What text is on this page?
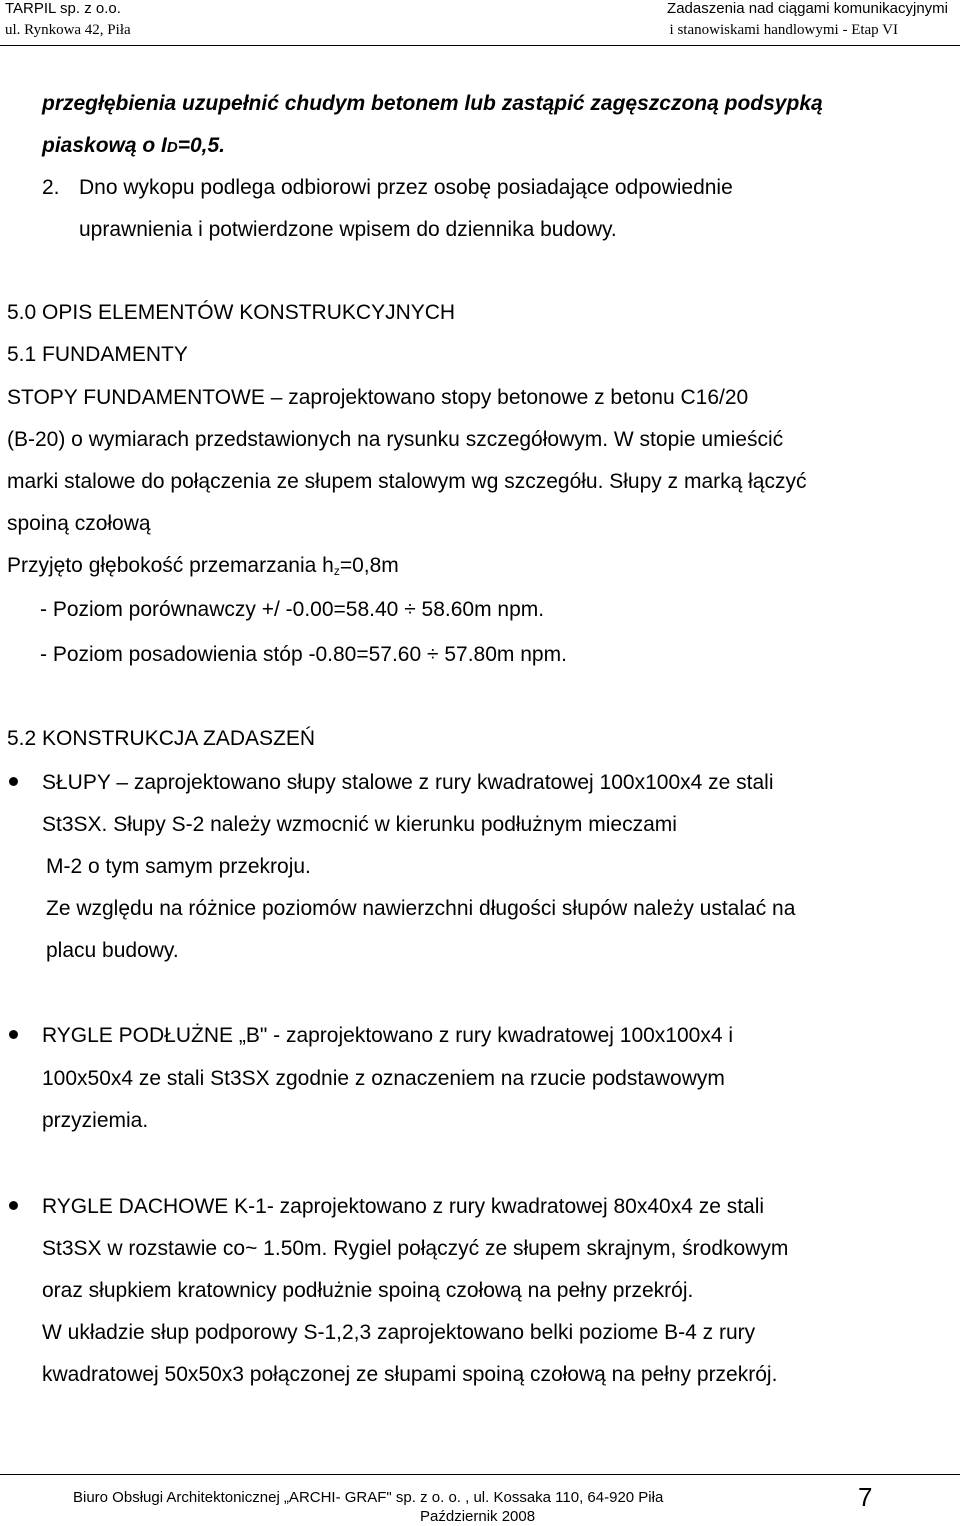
TARPIL sp. z o.o.
ul. Rynkowa 42, Piła
Zadaszenia nad ciągami komunikacyjnymi
i stanowiskami handlowymi - Etap VI
przegłębienia uzupełnić chudym betonem lub zastąpić zagęszczoną podsypką
piaskową o ID=0,5.
2. Dno wykopu podlega odbiorowi przez osobę posiadające odpowiednie
uprawnienia i potwierdzone wpisem do dziennika budowy.
5.0 OPIS ELEMENTÓW KONSTRUKCYJNYCH
5.1 FUNDAMENTY
STOPY FUNDAMENTOWE – zaprojektowano stopy betonowe z betonu C16/20
(B-20) o wymiarach przedstawionych na rysunku szczegółowym. W stopie umieścić
marki stalowe do połączenia ze słupem stalowym wg szczegółu. Słupy z marką łączyć
spoiną czołową
Przyjęto głębokość przemarzania hz=0,8m
- Poziom porównawczy +/ -0.00=58.40 ÷ 58.60m npm.
- Poziom posadowienia stóp -0.80=57.60 ÷ 57.80m npm.
5.2 KONSTRUKCJA ZADASZEŃ
SŁUPY – zaprojektowano słupy stalowe z rury kwadratowej 100x100x4 ze stali
St3SX. Słupy S-2 należy wzmocnić w kierunku podłużnym mieczami
M-2 o tym samym przekroju.
Ze względu na różnice poziomów nawierzchni długości słupów należy ustalać na
placu budowy.
RYGLE PODŁUŻNE „B" - zaprojektowano z rury kwadratowej 100x100x4 i
100x50x4 ze stali St3SX zgodnie z oznaczeniem na rzucie podstawowym
przyziemia.
RYGLE DACHOWE K-1- zaprojektowano z rury kwadratowej 80x40x4 ze stali
St3SX w rozstawie co~ 1.50m. Rygiel połączyć ze słupem skrajnym, środkowym
oraz słupkiem kratownicy podłużnie spoiną czołową na pełny przekrój.
W układzie słup podporowy S-1,2,3 zaprojektowano belki poziome B-4 z rury
kwadratowej 50x50x3 połączonej ze słupami spoiną czołową na pełny przekrój.
Biuro Obsługi Architektonicznej „ARCHI- GRAF" sp. z o. o. , ul. Kossaka 110, 64-920 Piła
Październik 2008
7
